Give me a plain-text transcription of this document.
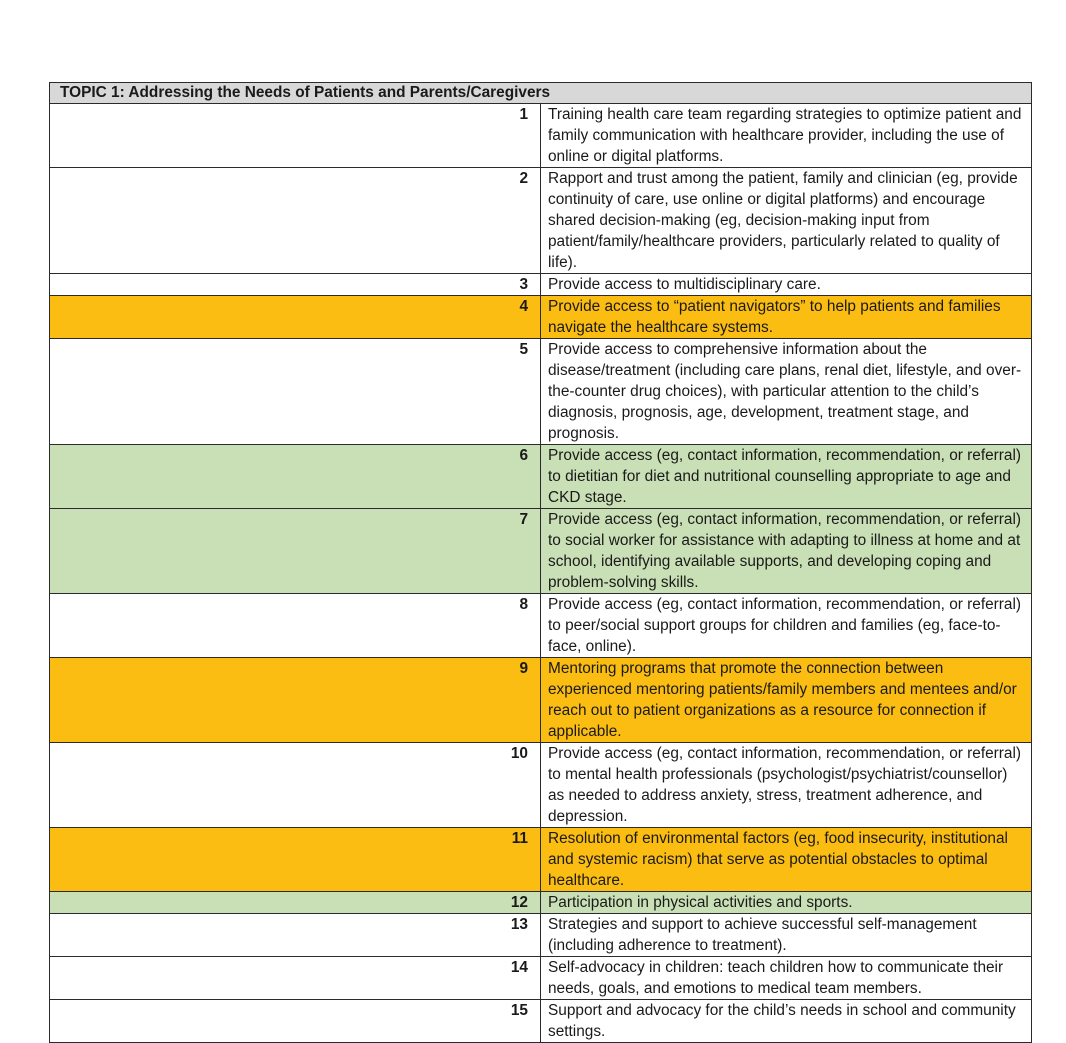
TOPIC 1: Addressing the Needs of Patients and Parents/Caregivers	
1	Training health care team regarding strategies to optimize patient and family communication with healthcare provider, including the use of online or digital platforms.
2	Rapport and trust among the patient, family and clinician (eg, provide continuity of care, use online or digital platforms) and encourage shared decision-making (eg, decision-making input from patient/family/healthcare providers, particularly related to quality of life).
3	Provide access to multidisciplinary care.
4	Provide access to “patient navigators” to help patients and families navigate the healthcare systems.
5	Provide access to comprehensive information about the disease/treatment (including care plans, renal diet, lifestyle, and over-the-counter drug choices), with particular attention to the child’s diagnosis, prognosis, age, development, treatment stage, and prognosis.
6	Provide access (eg, contact information, recommendation, or referral) to dietitian for diet and nutritional counselling appropriate to age and CKD stage.
7	Provide access (eg, contact information, recommendation, or referral) to social worker for assistance with adapting to illness at home and at school, identifying available supports, and developing coping and problem-solving skills.
8	Provide access (eg, contact information, recommendation, or referral) to peer/social support groups for children and families (eg, face-to-face, online).
9	Mentoring programs that promote the connection between experienced mentoring patients/family members and mentees and/or reach out to patient organizations as a resource for connection if applicable.
10	Provide access (eg, contact information, recommendation, or referral) to mental health professionals (psychologist/psychiatrist/counsellor) as needed to address anxiety, stress, treatment adherence, and depression.
11	Resolution of environmental factors (eg, food insecurity, institutional and systemic racism) that serve as potential obstacles to optimal healthcare.
12	Participation in physical activities and sports.
13	Strategies and support to achieve successful self-management (including adherence to treatment).
14	Self-advocacy in children: teach children how to communicate their needs, goals, and emotions to medical team members.
15	Support and advocacy for the child’s needs in school and community settings.
